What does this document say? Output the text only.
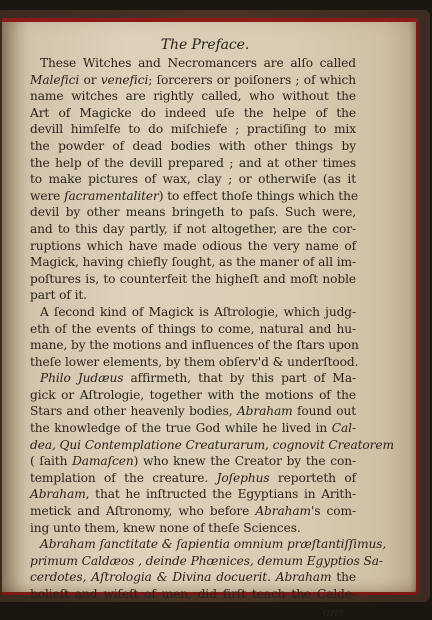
The Preface.
These Witches and Necromancers are alſo called
Malefici or venefici; ſorcerers or poiſoners ; of which
name witches are rightly called, who without the
Art of Magicke do indeed uſe the helpe of the
devill himſelfe to do miſchiefe ; practiſing to mix
the powder of dead bodies with other things by
the help of the devill prepared ; and at other times
to make pictures of wax, clay ; or otherwiſe (as it
were ſacramentaliter) to effect thoſe things which the
devil by other means bringeth to paſs. Such were,
and to this day partly, if not altogether, are the cor-
ruptions which have made odious the very name of
Magick, having chiefly ſought, as the maner of all im-
poſtures is, to counterfeit the higheſt and moſt noble
part of it.
A ſecond kind of Magick is Aſtrologie, which judg-
eth of the events of things to come, natural and hu-
mane, by the motions and influences of the ſtars upon
theſe lower elements, by them obſerv'd & underſtood.
Philo Judæus affirmeth, that by this part of Ma-
gick or Aſtrologie, together with the motions of the
Stars and other heavenly bodies, Abraham found out
the knowledge of the true God while he lived in Cal-
dea, Qui Contemplatione Creaturarum, cognovit Creatorem
( ſaith Damaſcen) who knew the Creator by the con-
templation of the creature. Joſephus reporteth of
Abraham, that he inſtructed the Egyptians in Arith-
metick and Aſtronomy, who before Abraham's com-
ing unto them, knew none of theſe Sciences.
Abraham ſanctitate & ſapientia omnium præſtantiſſimus,
primum Caldæos , deinde Phœnices, demum Egyptios Sa-
cerdotes, Aſtrologia & Divina docuerit. Abraham the
holieſt and wiſeſt of men, did firſt teach the Calde-
ans
